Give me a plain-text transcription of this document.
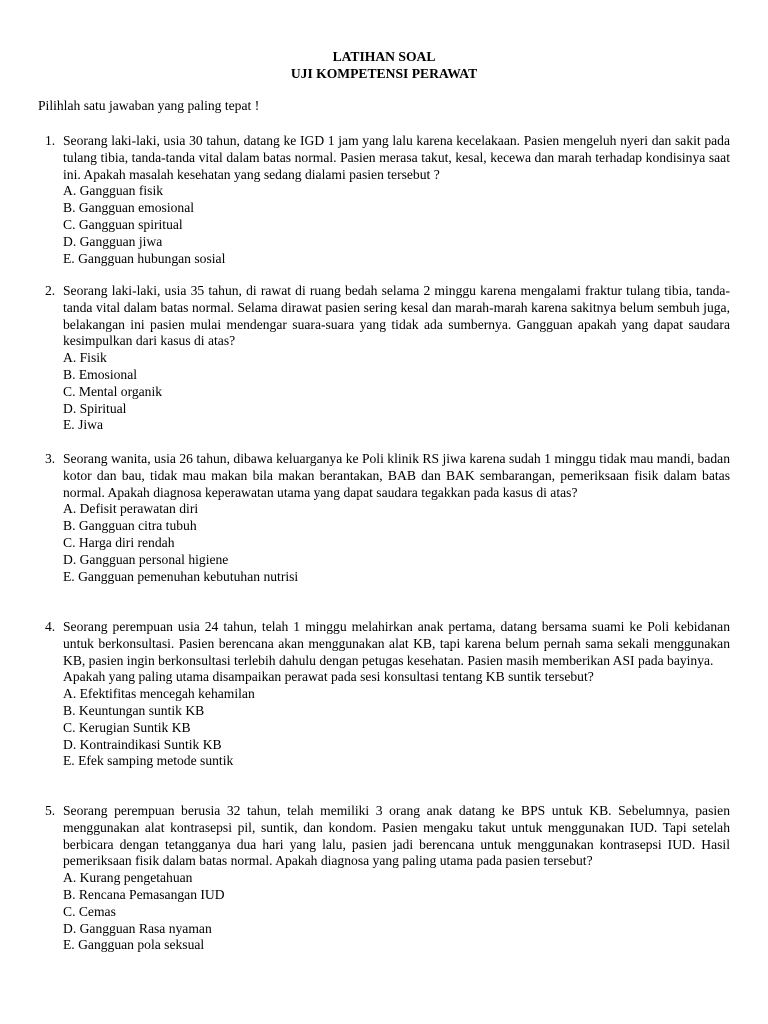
LATIHAN SOAL
UJI KOMPETENSI PERAWAT

Pilihlah satu jawaban yang paling tepat !

1. Seorang laki-laki, usia 30 tahun, datang ke IGD 1 jam yang lalu karena kecelakaan. Pasien mengeluh nyeri dan sakit pada tulang tibia, tanda-tanda vital dalam batas normal. Pasien merasa takut, kesal, kecewa dan marah terhadap kondisinya saat ini. Apakah masalah kesehatan yang sedang dialami pasien tersebut ?
A. Gangguan fisik
B. Gangguan emosional
C. Gangguan spiritual
D. Gangguan jiwa
E. Gangguan hubungan sosial
2. Seorang laki-laki, usia 35 tahun, di rawat di ruang bedah selama 2 minggu karena mengalami fraktur tulang tibia, tanda-tanda vital dalam batas normal. Selama dirawat pasien sering kesal dan marah-marah karena sakitnya belum sembuh juga, belakangan ini pasien mulai mendengar suara-suara yang tidak ada sumbernya. Gangguan apakah yang dapat saudara kesimpulkan dari kasus di atas?
A. Fisik
B. Emosional
C. Mental organik
D. Spiritual
E. Jiwa
3. Seorang wanita, usia 26 tahun, dibawa keluarganya ke Poli klinik RS jiwa karena sudah 1 minggu tidak mau mandi, badan kotor dan bau, tidak mau makan bila makan berantakan, BAB dan BAK sembarangan, pemeriksaan fisik dalam batas normal. Apakah diagnosa keperawatan utama yang dapat saudara tegakkan pada kasus di atas?
A. Defisit perawatan diri
B. Gangguan citra tubuh
C. Harga diri rendah
D. Gangguan personal higiene
E. Gangguan pemenuhan kebutuhan nutrisi
4. Seorang perempuan usia 24 tahun, telah 1 minggu melahirkan anak pertama, datang bersama suami ke Poli kebidanan untuk berkonsultasi. Pasien berencana akan menggunakan alat KB, tapi karena belum pernah sama sekali menggunakan KB, pasien ingin berkonsultasi terlebih dahulu dengan petugas kesehatan. Pasien masih memberikan ASI pada bayinya.
Apakah yang paling utama disampaikan perawat pada sesi konsultasi tentang KB suntik tersebut?
A. Efektifitas mencegah kehamilan
B. Keuntungan suntik KB
C. Kerugian Suntik KB
D. Kontraindikasi Suntik KB
E. Efek samping metode suntik
5. Seorang perempuan berusia 32 tahun, telah memiliki 3 orang anak datang ke BPS untuk KB. Sebelumnya, pasien menggunakan alat kontrasepsi pil, suntik, dan kondom. Pasien mengaku takut untuk menggunakan IUD. Tapi setelah berbicara dengan tetangganya dua hari yang lalu, pasien jadi berencana untuk menggunakan kontrasepsi IUD. Hasil pemeriksaan fisik dalam batas normal. Apakah diagnosa yang paling utama pada pasien tersebut?
A. Kurang pengetahuan
B. Rencana Pemasangan IUD
C. Cemas
D. Gangguan Rasa nyaman
E. Gangguan pola seksual
